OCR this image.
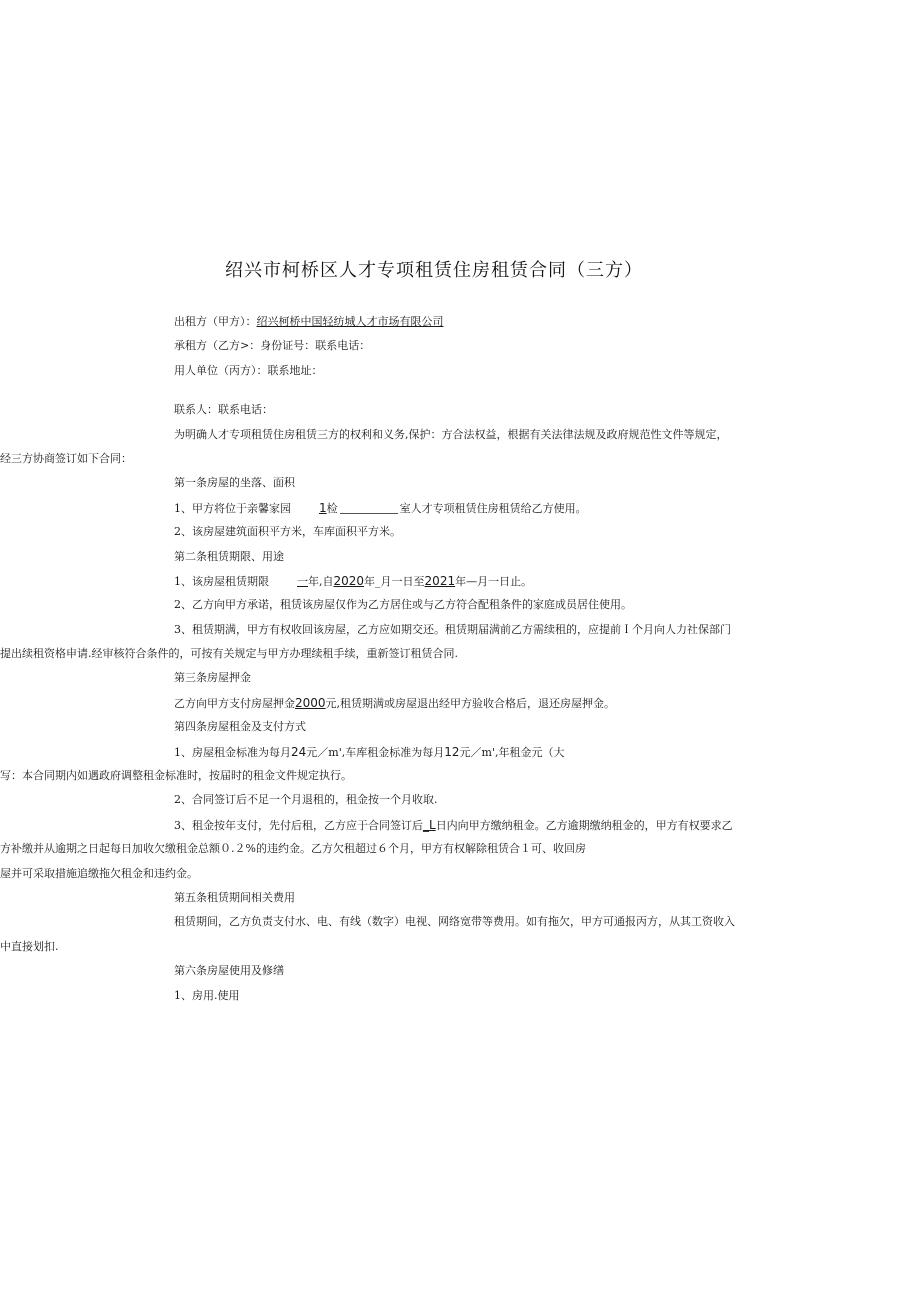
绍兴市柯桥区人才专项租赁住房租赁合同（三方）
出租方（甲方）：绍兴柯桥中国轻纺城人才市场有限公司
承租方（乙方>：身份证号：联系电话：
用人单位（丙方）：联系地址：
联系人：联系电话：
为明确人才专项租赁住房租赁三方的权利和义务,保护：方合法权益，根据有关法律法规及政府规范性文件等规定，
经三方协商签订如下合同：
第一条房屋的坐落、面积
1、甲方将位于亲馨家园 1检	室人才专项租赁住房租赁给乙方使用。
2、该房屋建筑面积平方米，车库面积平方米。
第二条租赁期限、用途
1、该房屋租赁期限	一年,自2020年_月一日至2021年—月一日止。
2、乙方向甲方承诺，租赁该房屋仅作为乙方居住或与乙方符合配租条件的家庭成员居住使用。
3、租赁期满，甲方有权收回该房屋，乙方应如期交还。租赁期届满前乙方需续租的，应提前Ｉ个月向人力社保部门
提出续租资格申请.经审核符合条件的，可按有关规定与甲方办理续租手续，重新签订租赁合同.
第三条房屋押金
乙方向甲方支付房屋押金2000元,租赁期满或房屋退出经甲方验收合格后，退还房屋押金。
第四条房屋租金及支付方式
1、房屋租金标准为每月24元／m',车库租金标准为每月12元／m',年租金元（大
写：本合同期内如遇政府调整租金标准时，按届时的租金文件规定执行。
2、合同签订后不足一个月退租的，租金按一个月收取.
3、租金按年支付，先付后租，乙方应于合同签订后_L日内向甲方缴纳租金。乙方逾期缴纳租金的，甲方有权要求乙
方补缴并从逾期之日起每日加收欠缴租金总额０.２%的违约金。乙方欠租超过６个月，甲方有权解除租赁合１可、收回房
屋并可采取措施追缴拖欠租金和违约金。
第五条租赁期间相关费用
租赁期间，乙方负责支付水、电、有线（数字）电视、网络宽带等费用。如有拖欠，甲方可通报丙方，从其工资收入
中直接划扣.
第六条房屋使用及修缮
1、房用.使用
